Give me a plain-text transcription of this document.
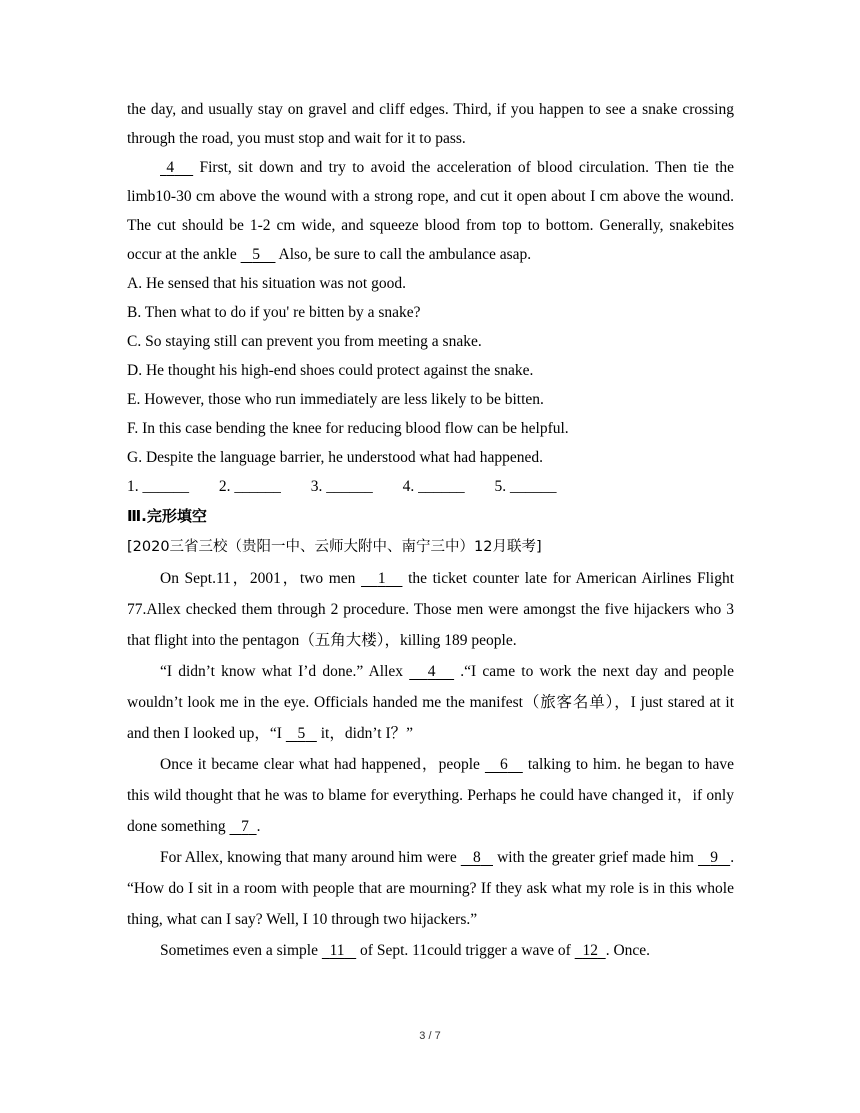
the day, and usually stay on gravel and cliff edges. Third, if you happen to see a snake crossing through the road, you must stop and wait for it to pass.

4    First, sit down and try to avoid the acceleration of blood circulation. Then tie the limb10-30 cm above the wound with a strong rope, and cut it open about I cm above the wound. The cut should be 1-2 cm wide, and squeeze blood from top to bottom. Generally, snakebites occur at the ankle    5     Also, be sure to call the ambulance asap.

A. He sensed that his situation was not good.

B. Then what to do if you' re bitten by a snake?

C. So staying still can prevent you from meeting a snake.

D. He thought his high-end shoes could protect against the snake.

E. However, those who run immediately are less likely to be bitten.

F. In this case bending the knee for reducing blood flow can be helpful.

G. Despite the language barrier, he understood what had happened.

1. ______ 2. ______ 3. ______ 4. ______ 5. ______

Ⅲ.完形填空

[2020三省三校（贵阳一中、云师大附中、南宁三中）12月联考]

On Sept.11，2001，two men    1    the ticket counter late for American Airlines Flight 77.Allex checked them through 2 procedure. Those men were amongst the five hijackers who 3 that flight into the pentagon（五角大楼），killing 189 people.

“I didn’t know what I’d done.” Allex    4    .“I came to work the next day and people wouldn’t look me in the eye. Officials handed me the manifest（旅客名单），I just stared at it and then I looked up，“I    5    it，didn’t I？”

Once it became clear what had happened，people    6    talking to him. he began to have this wild thought that he was to blame for everything. Perhaps he could have changed it，if only done something    7 .

For Allex, knowing that many around him were    8    with the greater grief made him    9 . “How do I sit in a room with people that are mourning? If they ask what my role is in this whole thing, what can I say? Well, I 10 through two hijackers.”

Sometimes even a simple   11    of Sept. 11could trigger a wave of   12 . Once.

3 / 7
